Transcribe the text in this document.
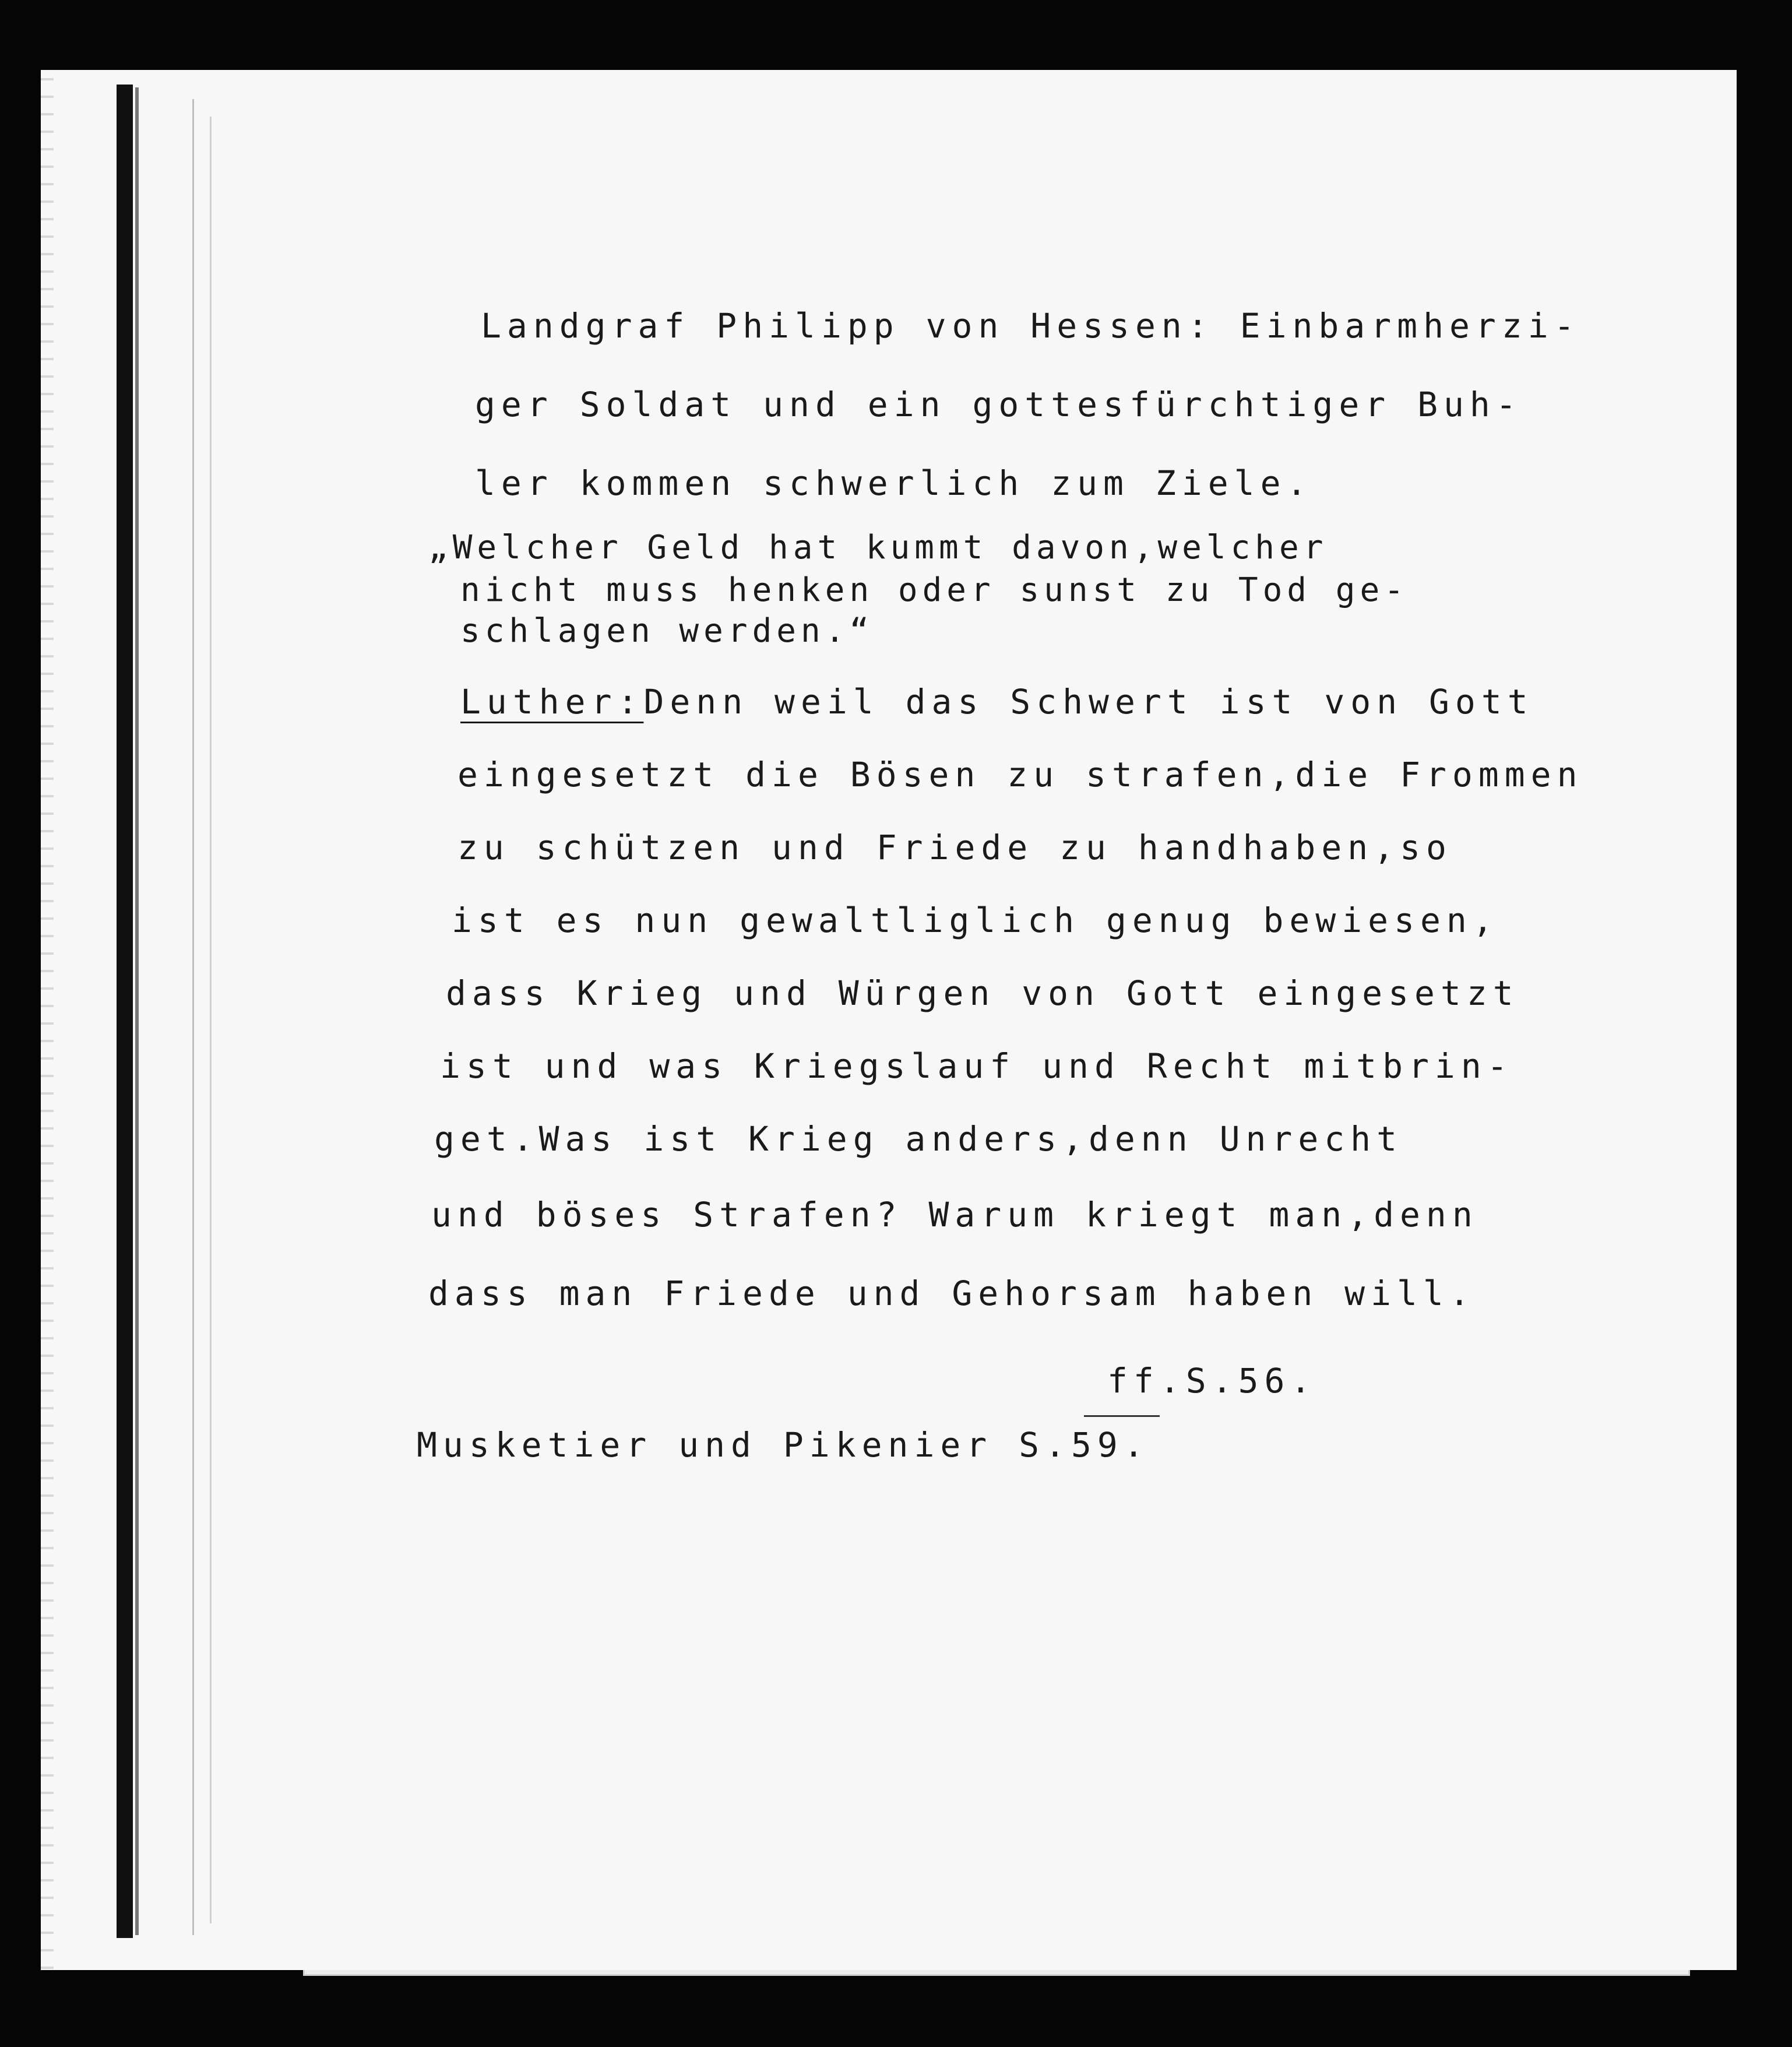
Landgraf Philipp von Hessen: Einbarmherzi-
ger Soldat und ein gottesfürchtiger Buh-
ler kommen schwerlich zum Ziele.
„Welcher Geld hat kummt davon,welcher
nicht muss henken oder sunst zu Tod ge-
schlagen werden.“
Luther:Denn weil das Schwert ist von Gott
eingesetzt die Bösen zu strafen,die Frommen
zu schützen und Friede zu handhaben,so
ist es nun gewaltliglich genug bewiesen,
dass Krieg und Würgen von Gott eingesetzt
ist und was Kriegslauf und Recht mitbrin-
get.Was ist Krieg anders,denn Unrecht
und böses Strafen? Warum kriegt man,denn
dass man Friede und Gehorsam haben will.
ff.S.56.
Musketier und Pikenier S.59.
